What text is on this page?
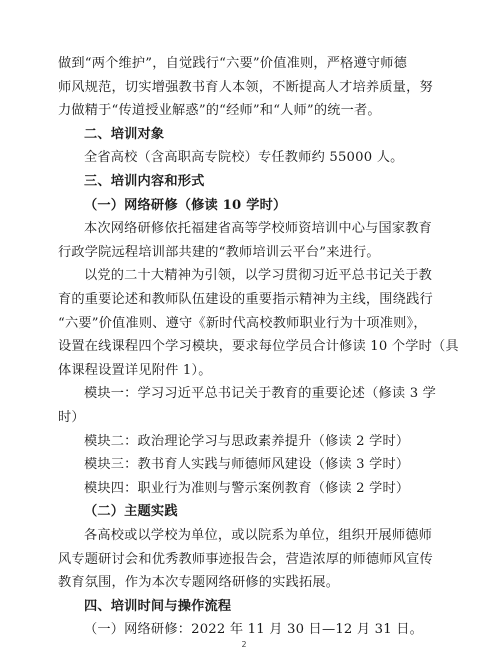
做到“两个维护”，自觉践行“六要”价值准则，严格遵守师德
师风规范，切实增强教书育人本领，不断提高人才培养质量，努
力做精于“传道授业解惑”的“经师”和“人师”的统一者。
二、培训对象
全省高校（含高职高专院校）专任教师约 55000 人。
三、培训内容和形式
（一）网络研修（修读 10 学时）
本次网络研修依托福建省高等学校师资培训中心与国家教育
行政学院远程培训部共建的“教师培训云平台”来进行。
以党的二十大精神为引领，以学习贯彻习近平总书记关于教
育的重要论述和教师队伍建设的重要指示精神为主线，围绕践行
“六要”价值准则、遵守《新时代高校教师职业行为十项准则》，
设置在线课程四个学习模块，要求每位学员合计修读 10 个学时（具
体课程设置详见附件 1）。
模块一：学习习近平总书记关于教育的重要论述（修读 3 学
时）
模块二：政治理论学习与思政素养提升（修读 2 学时）
模块三：教书育人实践与师德师风建设（修读 3 学时）
模块四：职业行为准则与警示案例教育（修读 2 学时）
（二）主题实践
各高校或以学校为单位，或以院系为单位，组织开展师德师
风专题研讨会和优秀教师事迹报告会，营造浓厚的师德师风宣传
教育氛围，作为本次专题网络研修的实践拓展。
四、培训时间与操作流程
（一）网络研修：2022 年 11 月 30 日—12 月 31 日。
2
